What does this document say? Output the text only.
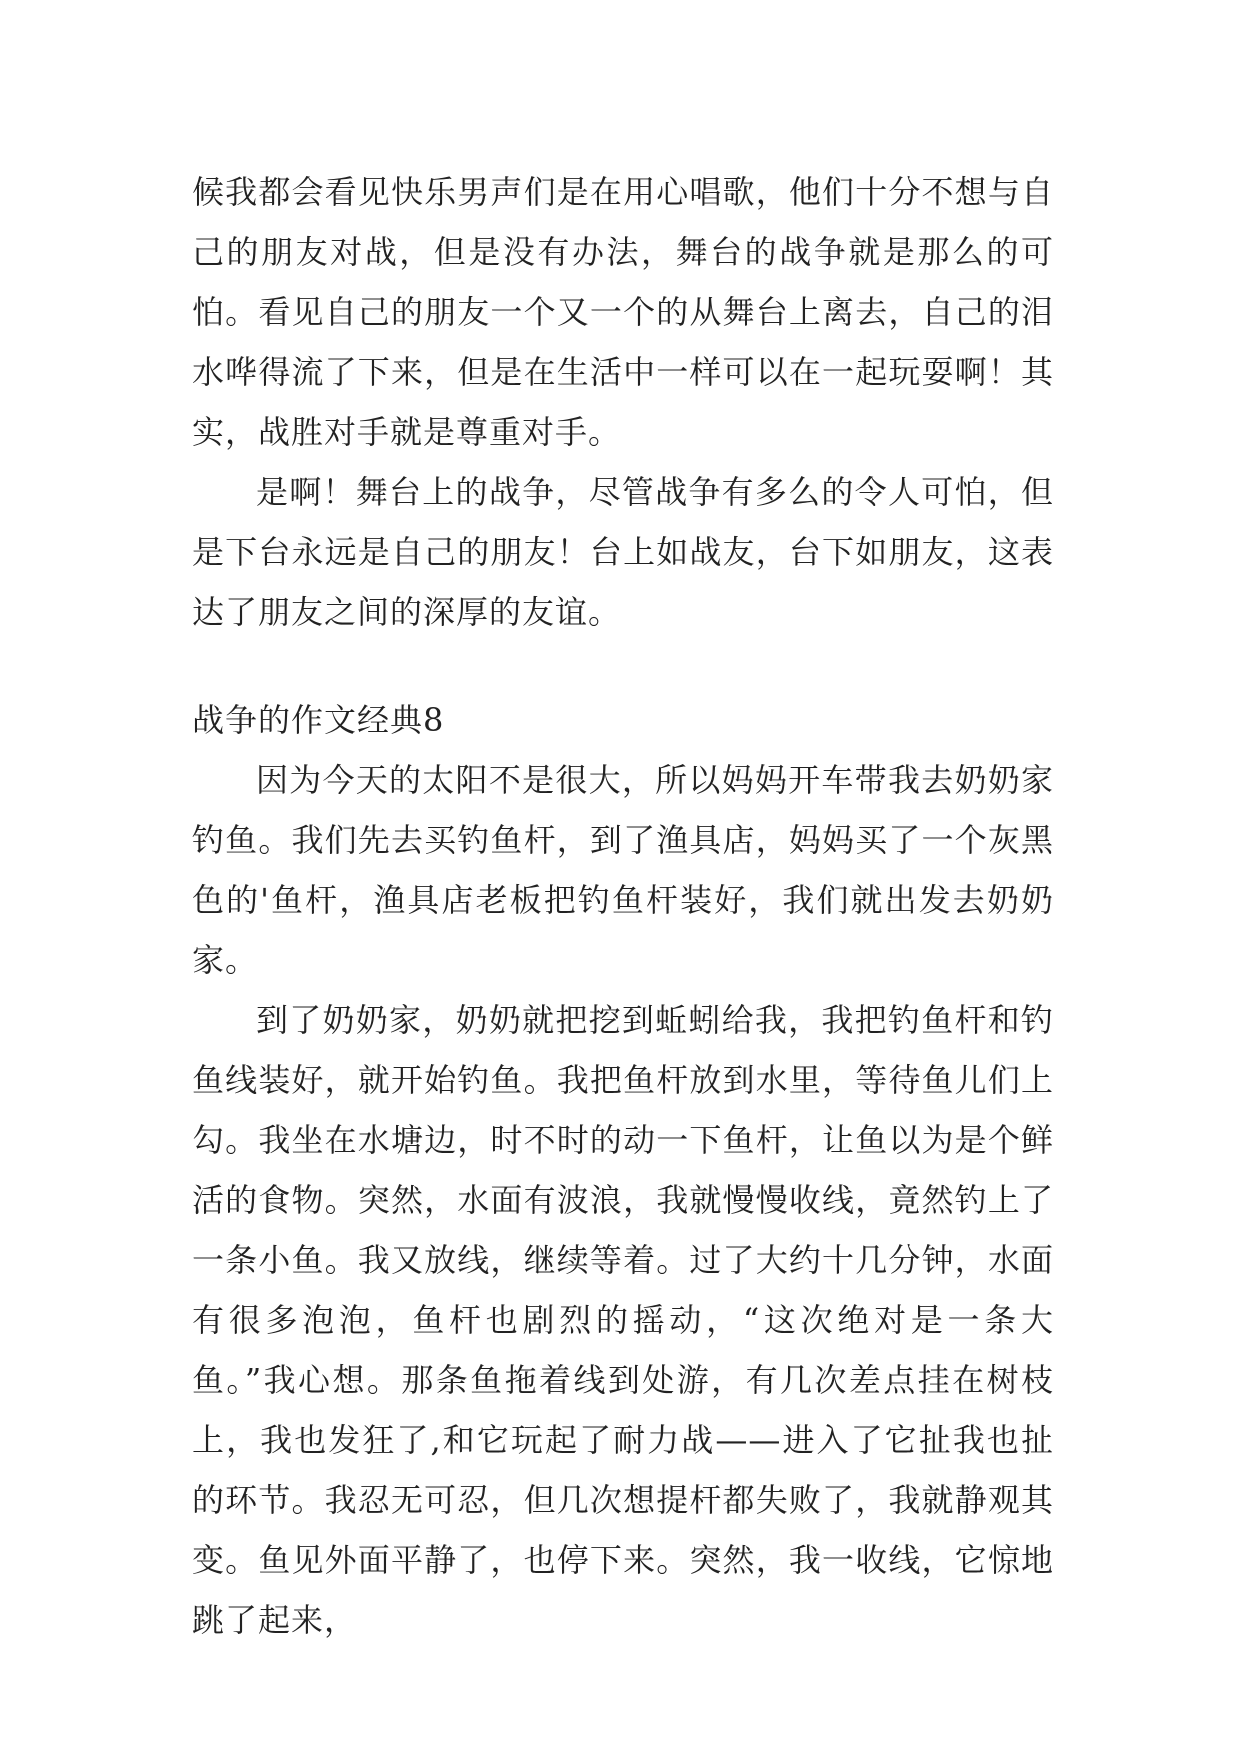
候我都会看见快乐男声们是在用心唱歌，他们十分不想与自己的朋友对战，但是没有办法，舞台的战争就是那么的可怕。看见自己的朋友一个又一个的从舞台上离去，自己的泪水哗得流了下来，但是在生活中一样可以在一起玩耍啊！其实，战胜对手就是尊重对手。

是啊！舞台上的战争，尽管战争有多么的令人可怕，但是下台永远是自己的朋友！台上如战友，台下如朋友，这表达了朋友之间的深厚的友谊。

战争的作文经典8

因为今天的太阳不是很大，所以妈妈开车带我去奶奶家钓鱼。我们先去买钓鱼杆，到了渔具店，妈妈买了一个灰黑色的'鱼杆，渔具店老板把钓鱼杆装好，我们就出发去奶奶家。

到了奶奶家，奶奶就把挖到蚯蚓给我，我把钓鱼杆和钓鱼线装好，就开始钓鱼。我把鱼杆放到水里，等待鱼儿们上勾。我坐在水塘边，时不时的动一下鱼杆，让鱼以为是个鲜活的食物。突然，水面有波浪，我就慢慢收线，竟然钓上了一条小鱼。我又放线，继续等着。过了大约十几分钟，水面有很多泡泡，鱼杆也剧烈的摇动，“这次绝对是一条大鱼。”我心想。那条鱼拖着线到处游，有几次差点挂在树枝上，我也发狂了,和它玩起了耐力战——进入了它扯我也扯的环节。我忍无可忍，但几次想提杆都失败了，我就静观其变。鱼见外面平静了，也停下来。突然，我一收线，它惊地跳了起来，
